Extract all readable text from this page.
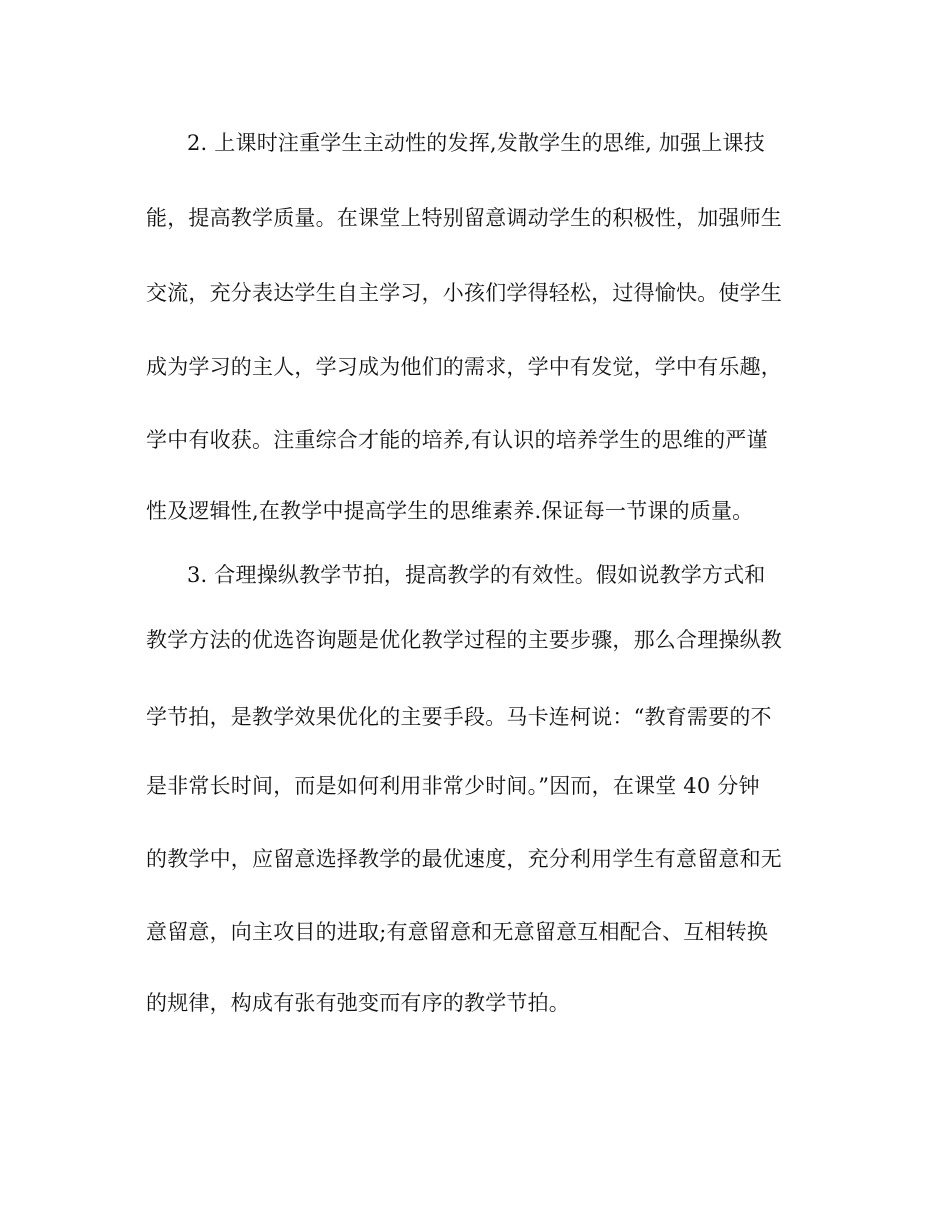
2. 上课时注重学生主动性的发挥,发散学生的思维, 加强上课技
能，提高教学质量。在课堂上特别留意调动学生的积极性，加强师生
交流，充分表达学生自主学习，小孩们学得轻松，过得愉快。使学生
成为学习的主人，学习成为他们的需求，学中有发觉，学中有乐趣，
学中有收获。注重综合才能的培养,有认识的培养学生的思维的严谨
性及逻辑性,在教学中提高学生的思维素养.保证每一节课的质量。
3. 合理操纵教学节拍，提高教学的有效性。假如说教学方式和
教学方法的优选咨询题是优化教学过程的主要步骤，那么合理操纵教
学节拍，是教学效果优化的主要手段。马卡连柯说：“教育需要的不
是非常长时间，而是如何利用非常少时间。”因而，在课堂 40 分钟
的教学中，应留意选择教学的最优速度，充分利用学生有意留意和无
意留意，向主攻目的进取;有意留意和无意留意互相配合、互相转换
的规律，构成有张有弛变而有序的教学节拍。
